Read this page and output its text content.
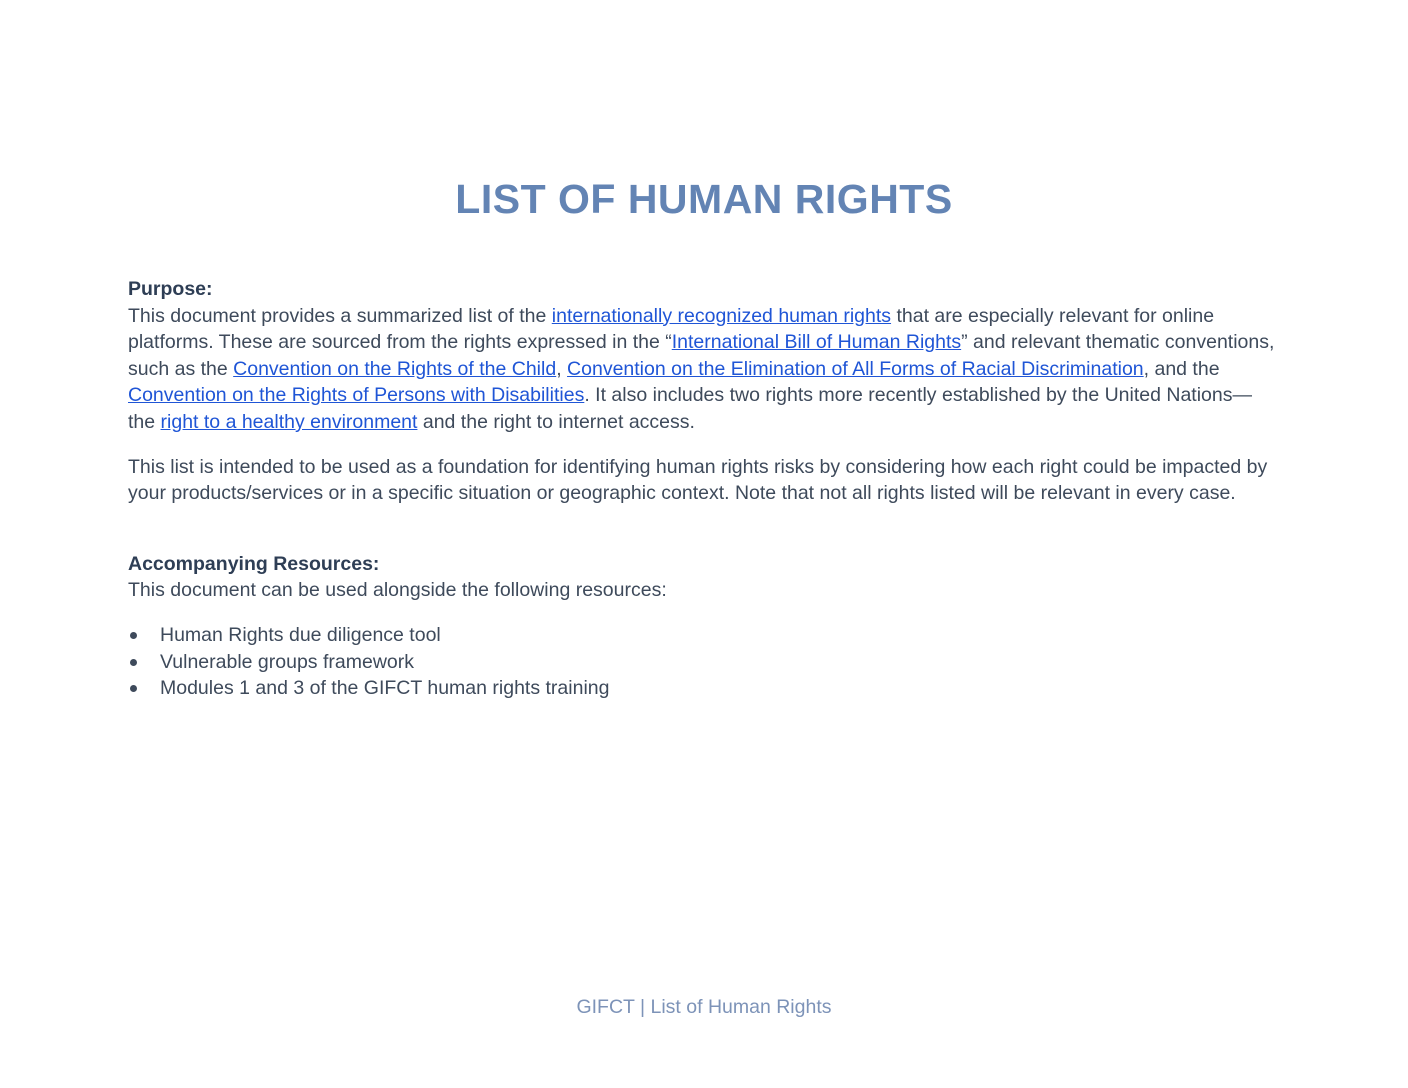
LIST OF HUMAN RIGHTS

Purpose:

This document provides a summarized list of the internationally recognized human rights that are especially relevant for online platforms. These are sourced from the rights expressed in the “International Bill of Human Rights” and relevant thematic conventions, such as the Convention on the Rights of the Child, Convention on the Elimination of All Forms of Racial Discrimination, and the Convention on the Rights of Persons with Disabilities. It also includes two rights more recently established by the United Nations—the right to a healthy environment and the right to internet access.

This list is intended to be used as a foundation for identifying human rights risks by considering how each right could be impacted by your products/services or in a specific situation or geographic context. Note that not all rights listed will be relevant in every case.

Accompanying Resources:

This document can be used alongside the following resources:

Human Rights due diligence tool
Vulnerable groups framework
Modules 1 and 3 of the GIFCT human rights training
GIFCT | List of Human Rights
